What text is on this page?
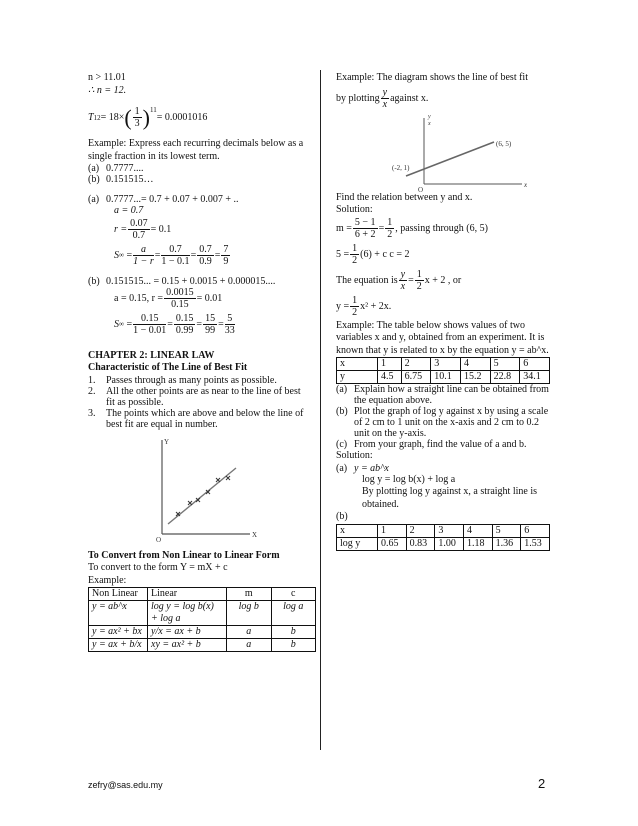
n > 11.01

∴ n = 12.

T 12 = 18× ( $\frac{1}{3}$ ) 11
= 0.0001016

Example: Express each recurring decimals below as a single fraction in its lowest term.

(a) 0.7777....
(b) 0.151515…
(a) 0.7777...= 0.7 + 0.07 + 0.007 + ..

a = 0.7

$r = \frac{0.07}{0.7} = 0.1$
S ∞ = $\frac{a}{1 - r} = \frac{0.7}{1 - 0.1} = \frac{0.7}{0.9} = \frac{7}{9}$
(b) 0.151515... = 0.15 + 0.0015 + 0.000015....
a = 0.15, $r = \frac{0.0015}{0.15} = 0.01$
S ∞ = $\frac{0.15}{1 - 0.01} = \frac{0.15}{0.99} = \frac{15}{99} = \frac{5}{33}$

CHAPTER 2: LINEAR LAW

Characteristic of The Line of Best Fit

1.	Passes through as many points as possible.
2.	All the other points are as near to the line of best fit as possible.
3.	The points which are above and below the line of best fit are equal in number.
Y
X
O

To Convert from Non Linear to Linear Form

To convert to the form Y = mX + c

Example:

Non Linear	Linear	m	c
y = ab^x	log y = log b(x) + log a	log b	log a
y = ax² + bx	y/x = ax + b	a	b
y = ax + b/x	xy = ax² + b	a	b

Example: The diagram shows the line of best fit

by plotting $\frac{y}{x}$ against x.
y
x
(6, 5)
(-2, 1)
O
x

Find the relation between y and x.

Solution:

$m = \frac{5 - 1}{6 + 2} = \frac{1}{2}$ , passing through (6, 5)
$5 = \frac{1}{2} (6) + c$ c = 2
The equation is $\frac{y}{x} = \frac{1}{2}$ x + 2 , or
$y = \frac{1}{2} x^2 + 2x$.

Example: The table below shows values of two variables x and y, obtained from an experiment. It is known that y is related to x by the equation y = ab^x.

x	1	2	3	4	5	6
y	4.5	6.75	10.1	15.2	22.8	34.1
(a) Explain how a straight line can be obtained from the equation above.
(b) Plot the graph of log y against x by using a scale of 2 cm to 1 unit on the x-axis and 2 cm to 0.2 unit on the y-axis.
(c) From your graph, find the value of a and b.

Solution:

(a) y = ab^x

log y = log b(x) + log a

By plotting log y against x, a straight line is obtained.

(b)

x	1	2	3	4	5	6
log y	0.65	0.83	1.00	1.18	1.36	1.53
zefry@sas.edu.my	2
